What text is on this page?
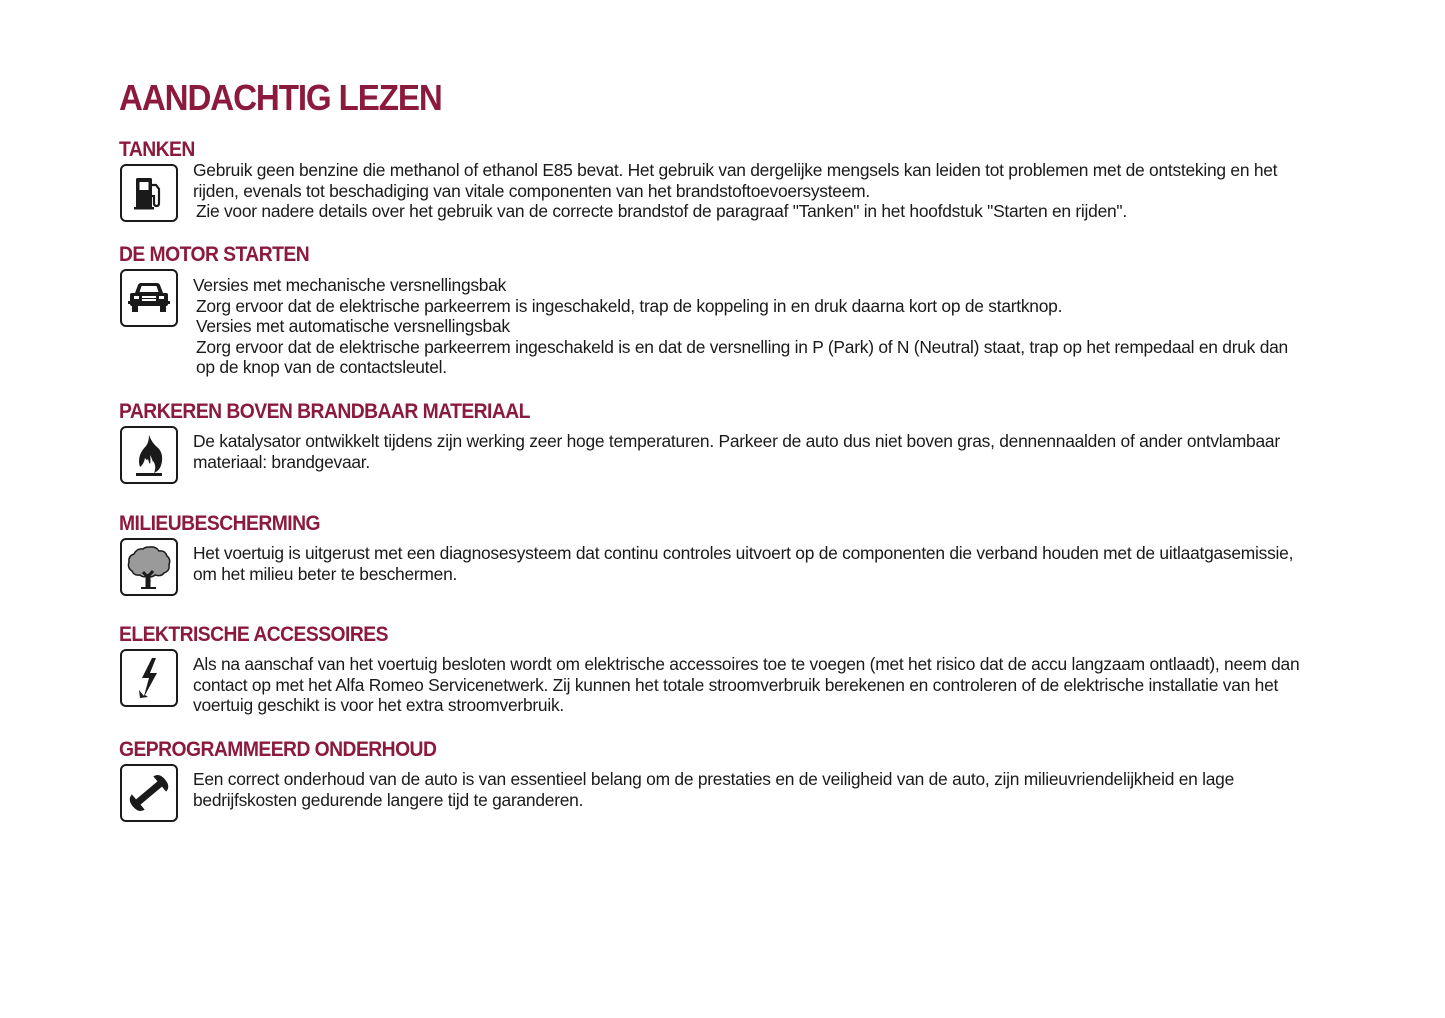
AANDACHTIG LEZEN
TANKEN

Gebruik geen benzine die methanol of ethanol E85 bevat. Het gebruik van dergelijke mengsels kan leiden tot problemen met de ontsteking en het rijden, evenals tot beschadiging van vitale componenten van het brandstoftoevoersysteem.

Zie voor nadere details over het gebruik van de correcte brandstof de paragraaf "Tanken" in het hoofdstuk "Starten en rijden".

DE MOTOR STARTEN

Versies met mechanische versnellingsbak

Zorg ervoor dat de elektrische parkeerrem is ingeschakeld, trap de koppeling in en druk daarna kort op de startknop.

Versies met automatische versnellingsbak

Zorg ervoor dat de elektrische parkeerrem ingeschakeld is en dat de versnelling in P (Park) of N (Neutral) staat, trap op het rempedaal en druk dan op de knop van de contactsleutel.

PARKEREN BOVEN BRANDBAAR MATERIAAL

De katalysator ontwikkelt tijdens zijn werking zeer hoge temperaturen. Parkeer de auto dus niet boven gras, dennennaalden of ander ontvlambaar materiaal: brandgevaar.

MILIEUBESCHERMING

Het voertuig is uitgerust met een diagnosesysteem dat continu controles uitvoert op de componenten die verband houden met de uitlaatgasemissie, om het milieu beter te beschermen.

ELEKTRISCHE ACCESSOIRES

Als na aanschaf van het voertuig besloten wordt om elektrische accessoires toe te voegen (met het risico dat de accu langzaam ontlaadt), neem dan contact op met het Alfa Romeo Servicenetwerk. Zij kunnen het totale stroomverbruik berekenen en controleren of de elektrische installatie van het voertuig geschikt is voor het extra stroomverbruik.

GEPROGRAMMEERD ONDERHOUD

Een correct onderhoud van de auto is van essentieel belang om de prestaties en de veiligheid van de auto, zijn milieuvriendelijkheid en lage bedrijfskosten gedurende langere tijd te garanderen.
